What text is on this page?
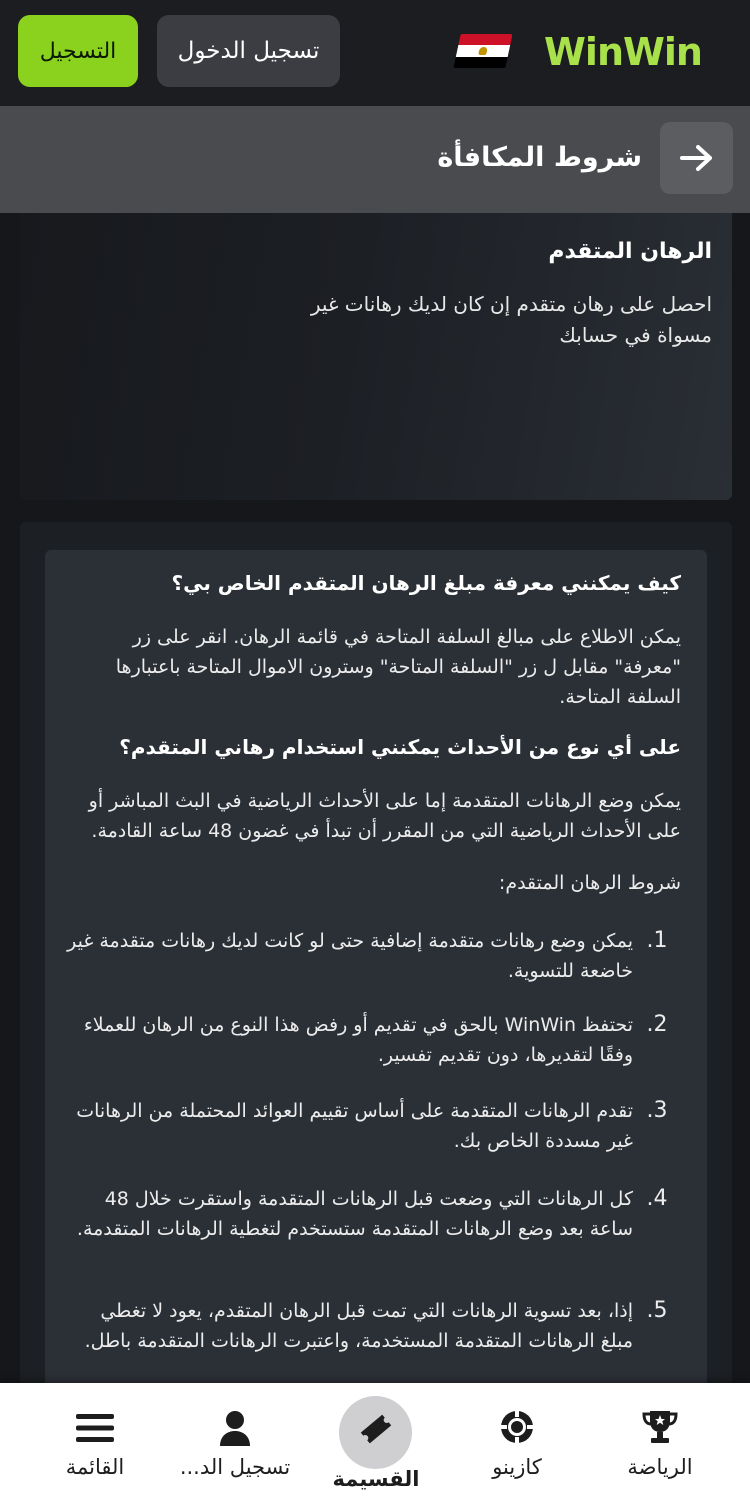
WinWin
تسجيل الدخول
التسجيل
شروط المكافأة
الرهان المتقدم
احصل على رهان متقدم إن كان لديك رهانات غير مسواة في حسابك
كيف يمكنني معرفة مبلغ الرهان المتقدم الخاص بي؟
يمكن الاطلاع على مبالغ السلفة المتاحة في قائمة الرهان. انقر على زر "معرفة" مقابل ل زر "السلفة المتاحة" وسترون الاموال المتاحة باعتبارها السلفة المتاحة.
على أي نوع من الأحداث يمكنني استخدام رهاني المتقدم؟
يمكن وضع الرهانات المتقدمة إما على الأحداث الرياضية في البث المباشر أو على الأحداث الرياضية التي من المقرر أن تبدأ في غضون 48 ساعة القادمة.
شروط الرهان المتقدم:
1.
يمكن وضع رهانات متقدمة إضافية حتى لو كانت لديك رهانات متقدمة غير خاضعة للتسوية.
2.
تحتفظ WinWin بالحق في تقديم أو رفض هذا النوع من الرهان للعملاء وفقًا لتقديرها، دون تقديم تفسير.
3.
تقدم الرهانات المتقدمة على أساس تقييم العوائد المحتملة من الرهانات غير مسددة الخاص بك.
4.
كل الرهانات التي وضعت قبل الرهانات المتقدمة واستقرت خلال 48 ساعة بعد وضع الرهانات المتقدمة ستستخدم لتغطية الرهانات المتقدمة.
5.
إذا، بعد تسوية الرهانات التي تمت قبل الرهان المتقدم، يعود لا تغطي مبلغ الرهانات المتقدمة المستخدمة، واعتبرت الرهانات المتقدمة باطل.
الرياضة
كازينو
القسيمة
تسجيل الد...
القائمة
